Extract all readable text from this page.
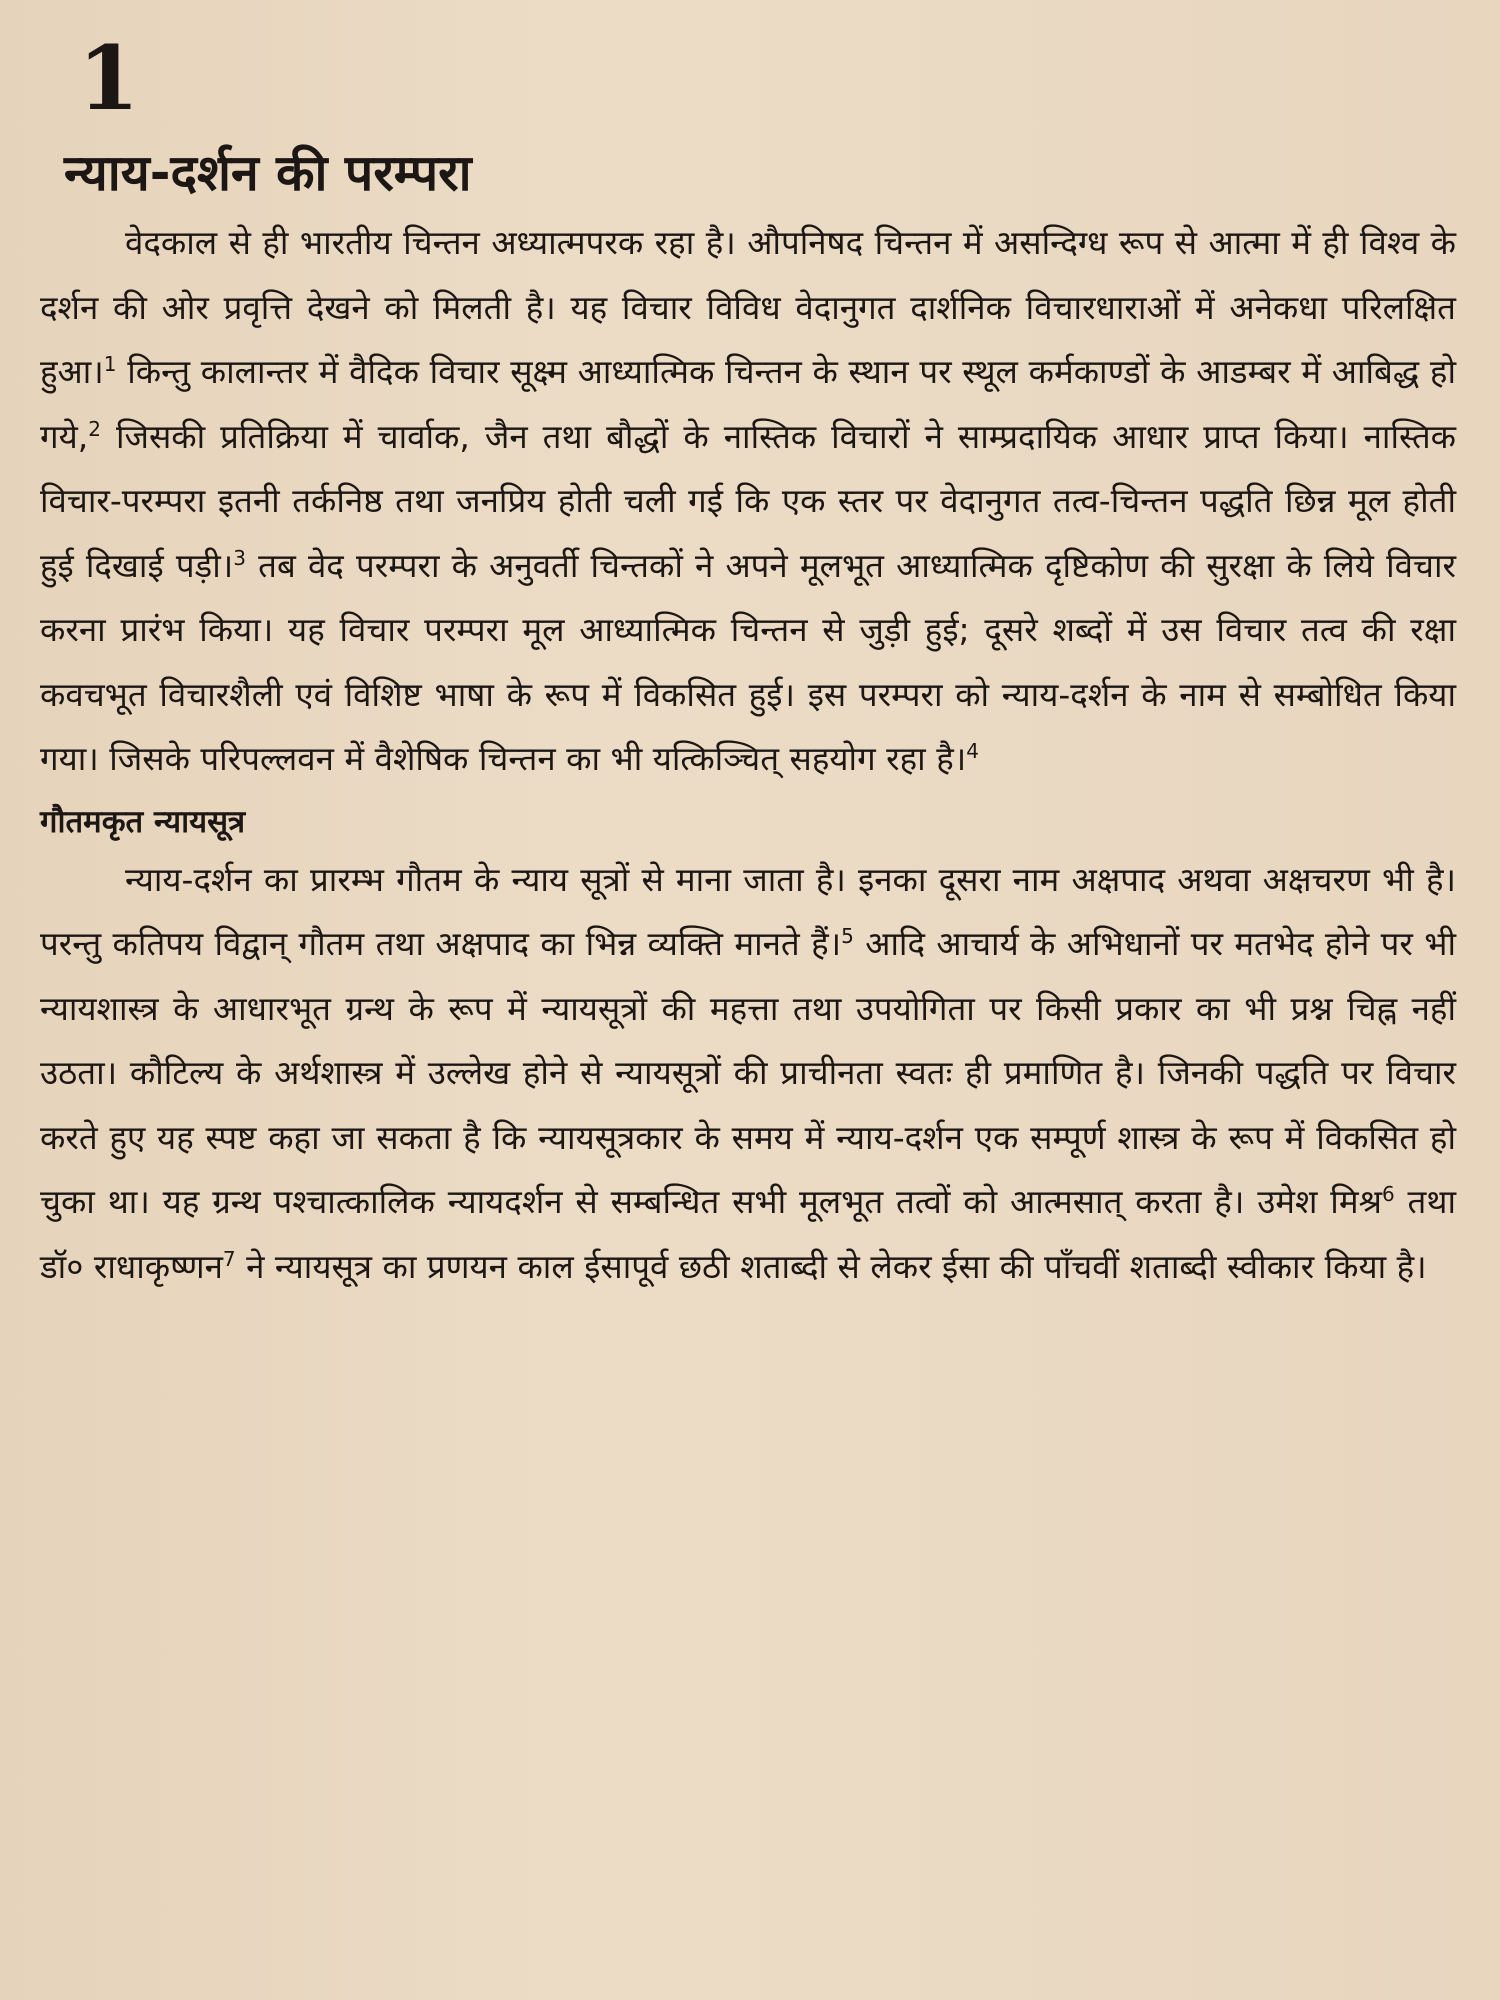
1
न्याय-दर्शन की परम्परा

वेदकाल से ही भारतीय चिन्तन अध्यात्मपरक रहा है। औपनिषद चिन्तन में असन्दिग्ध रूप से आत्मा में ही विश्व के दर्शन की ओर प्रवृत्ति देखने को मिलती है। यह विचार विविध वेदानुगत दार्शनिक विचारधाराओं में अनेकधा परिलक्षित हुआ।$^1$ किन्तु कालान्तर में वैदिक विचार सूक्ष्म आध्यात्मिक चिन्तन के स्थान पर स्थूल कर्मकाण्डों के आडम्बर में आबिद्ध हो गये,$^2$ जिसकी प्रतिक्रिया में चार्वाक, जैन तथा बौद्धों के नास्तिक विचारों ने साम्प्रदायिक आधार प्राप्त किया। नास्तिक विचार-परम्परा इतनी तर्कनिष्ठ तथा जनप्रिय होती चली गई कि एक स्तर पर वेदानुगत तत्व-चिन्तन पद्धति छिन्न मूल होती हुई दिखाई पड़ी।$^3$ तब वेद परम्परा के अनुवर्ती चिन्तकों ने अपने मूलभूत आध्यात्मिक दृष्टिकोण की सुरक्षा के लिये विचार करना प्रारंभ किया। यह विचार परम्परा मूल आध्यात्मिक चिन्तन से जुड़ी हुई; दूसरे शब्दों में उस विचार तत्व की रक्षा कवचभूत विचारशैली एवं विशिष्ट भाषा के रूप में विकसित हुई। इस परम्परा को न्याय-दर्शन के नाम से सम्बोधित किया गया। जिसके परिपल्लवन में वैशेषिक चिन्तन का भी यत्किञ्चित् सहयोग रहा है।$^4$

गौतमकृत न्यायसूत्र

न्याय-दर्शन का प्रारम्भ गौतम के न्याय सूत्रों से माना जाता है। इनका दूसरा नाम अक्षपाद अथवा अक्षचरण भी है। परन्तु कतिपय विद्वान् गौतम तथा अक्षपाद का भिन्न व्यक्ति मानते हैं।$^5$ आदि आचार्य के अभिधानों पर मतभेद होने पर भी न्यायशास्त्र के आधारभूत ग्रन्थ के रूप में न्यायसूत्रों की महत्ता तथा उपयोगिता पर किसी प्रकार का भी प्रश्न चिह्न नहीं उठता। कौटिल्य के अर्थशास्त्र में उल्लेख होने से न्यायसूत्रों की प्राचीनता स्वतः ही प्रमाणित है। जिनकी पद्धति पर विचार करते हुए यह स्पष्ट कहा जा सकता है कि न्यायसूत्रकार के समय में न्याय-दर्शन एक सम्पूर्ण शास्त्र के रूप में विकसित हो चुका था। यह ग्रन्थ पश्चात्कालिक न्यायदर्शन से सम्बन्धित सभी मूलभूत तत्वों को आत्मसात् करता है। उमेश मिश्र$^6$ तथा डॉ० राधाकृष्णन$^7$ ने न्यायसूत्र का प्रणयन काल ईसापूर्व छठी शताब्दी से लेकर ईसा की पाँचवीं शताब्दी स्वीकार किया है।
